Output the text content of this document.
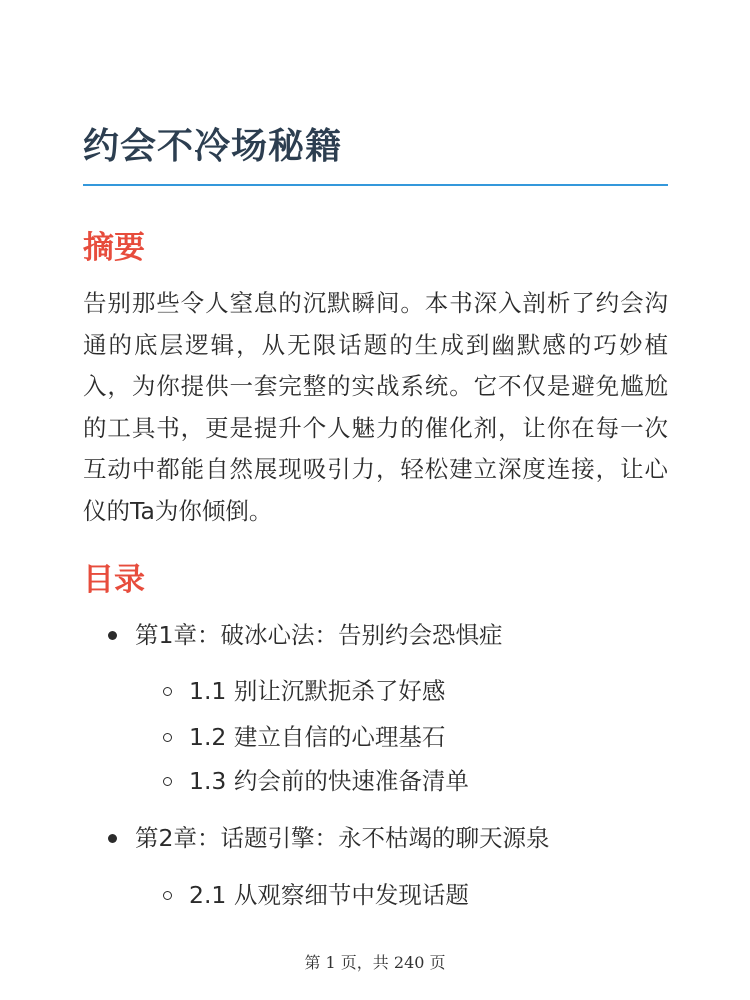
约会不冷场秘籍
摘要
告别那些令人窒息的沉默瞬间。本书深入剖析了约会沟通的底层逻辑，从无限话题的生成到幽默感的巧妙植入，为你提供一套完整的实战系统。它不仅是避免尴尬的工具书，更是提升个人魅力的催化剂，让你在每一次互动中都能自然展现吸引力，轻松建立深度连接，让心仪的Ta为你倾倒。
目录
第1章：破冰心法：告别约会恐惧症
1.1 别让沉默扼杀了好感
1.2 建立自信的心理基石
1.3 约会前的快速准备清单
第2章：话题引擎：永不枯竭的聊天源泉
2.1 从观察细节中发现话题
第 1 页，共 240 页
